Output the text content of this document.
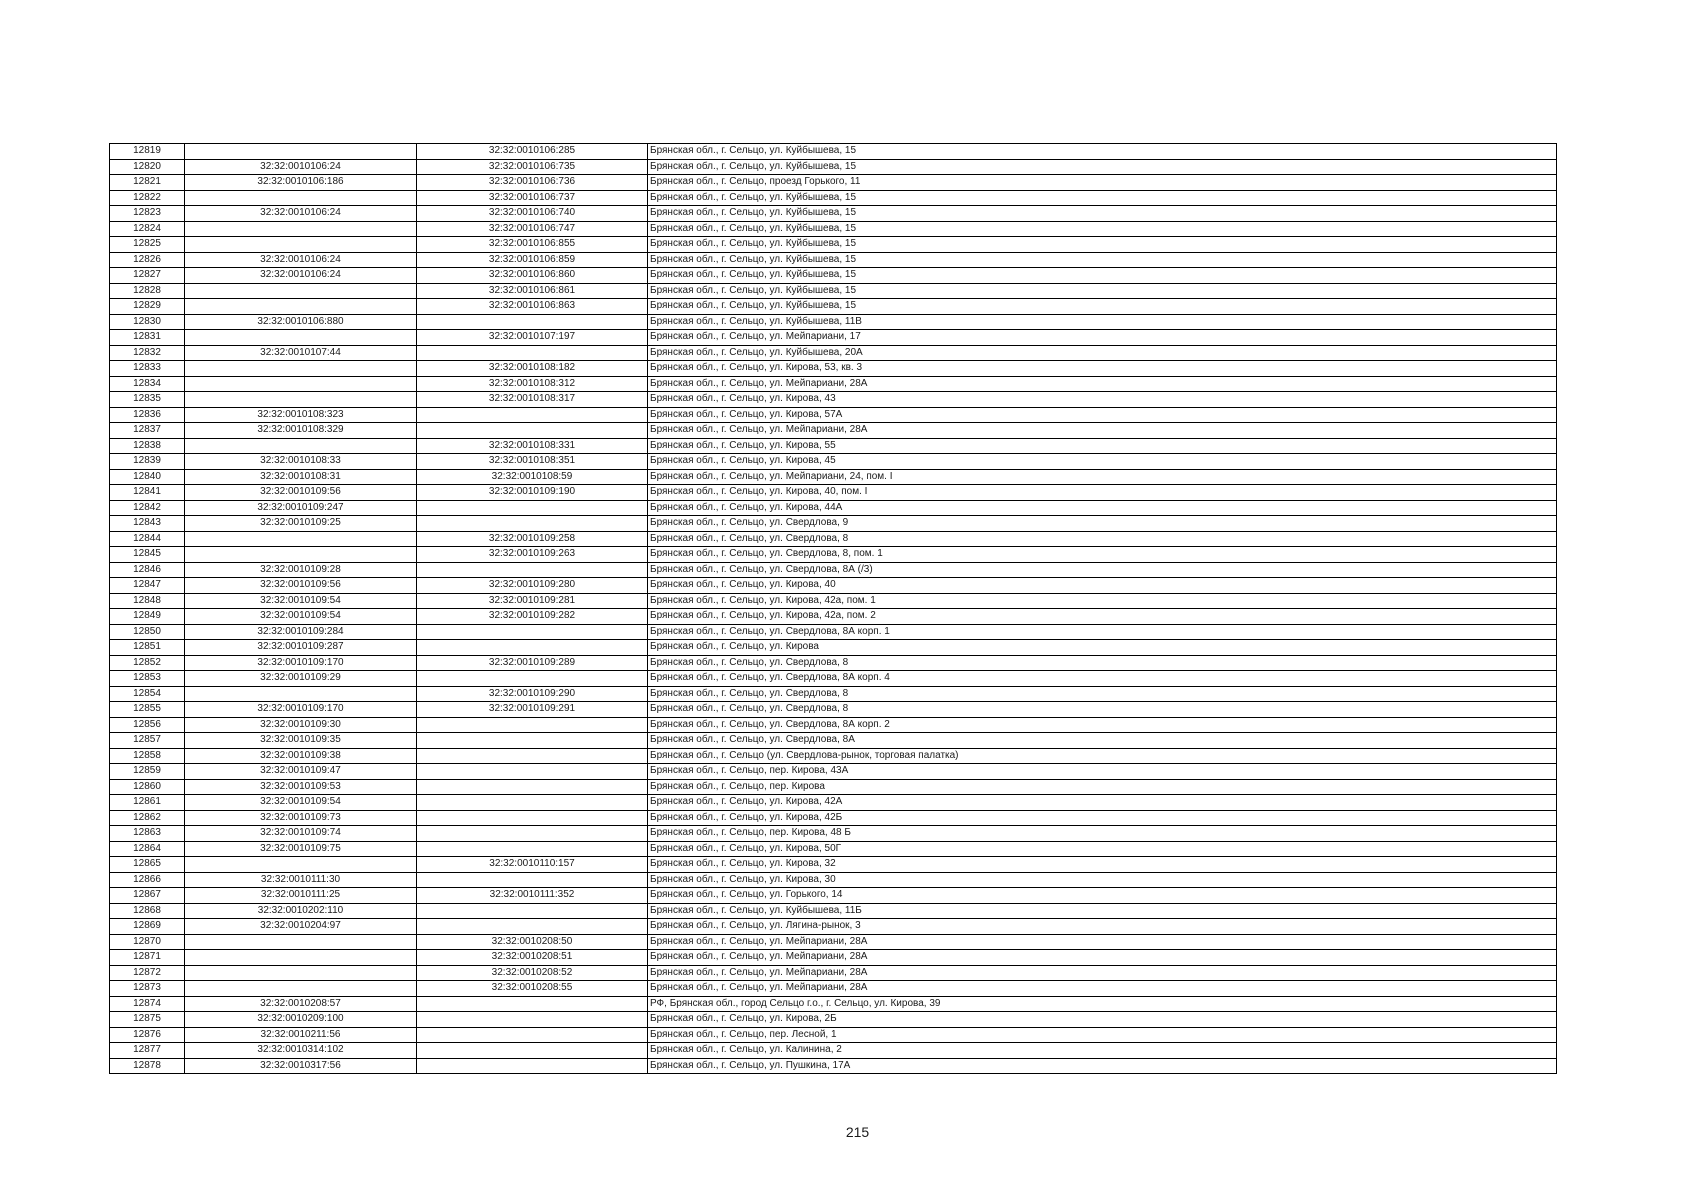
12819		32:32:0010106:285	Брянская обл., г. Сельцо, ул. Куйбышева, 15
12820	32:32:0010106:24	32:32:0010106:735	Брянская обл., г. Сельцо, ул. Куйбышева, 15
12821	32:32:0010106:186	32:32:0010106:736	Брянская обл., г. Сельцо, проезд Горького, 11
12822		32:32:0010106:737	Брянская обл., г. Сельцо, ул. Куйбышева, 15
12823	32:32:0010106:24	32:32:0010106:740	Брянская обл., г. Сельцо, ул. Куйбышева, 15
12824		32:32:0010106:747	Брянская обл., г. Сельцо, ул. Куйбышева, 15
12825		32:32:0010106:855	Брянская обл., г. Сельцо, ул. Куйбышева, 15
12826	32:32:0010106:24	32:32:0010106:859	Брянская обл., г. Сельцо, ул. Куйбышева, 15
12827	32:32:0010106:24	32:32:0010106:860	Брянская обл., г. Сельцо, ул. Куйбышева, 15
12828		32:32:0010106:861	Брянская обл., г. Сельцо, ул. Куйбышева, 15
12829		32:32:0010106:863	Брянская обл., г. Сельцо, ул. Куйбышева, 15
12830	32:32:0010106:880		Брянская обл., г. Сельцо, ул. Куйбышева, 11В
12831		32:32:0010107:197	Брянская обл., г. Сельцо, ул. Мейпариани, 17
12832	32:32:0010107:44		Брянская обл., г. Сельцо, ул. Куйбышева, 20А
12833		32:32:0010108:182	Брянская обл., г. Сельцо, ул. Кирова, 53, кв. 3
12834		32:32:0010108:312	Брянская обл., г. Сельцо, ул. Мейпариани, 28А
12835		32:32:0010108:317	Брянская обл., г. Сельцо, ул. Кирова, 43
12836	32:32:0010108:323		Брянская обл., г. Сельцо, ул. Кирова, 57А
12837	32:32:0010108:329		Брянская обл., г. Сельцо, ул. Мейпариани, 28А
12838		32:32:0010108:331	Брянская обл., г. Сельцо, ул. Кирова, 55
12839	32:32:0010108:33	32:32:0010108:351	Брянская обл., г. Сельцо, ул. Кирова, 45
12840	32:32:0010108:31	32:32:0010108:59	Брянская обл., г. Сельцо, ул. Мейпариани, 24, пом. I
12841	32:32:0010109:56	32:32:0010109:190	Брянская обл., г. Сельцо, ул. Кирова, 40, пом. I
12842	32:32:0010109:247		Брянская обл., г. Сельцо, ул. Кирова, 44А
12843	32:32:0010109:25		Брянская обл., г. Сельцо, ул. Свердлова, 9
12844		32:32:0010109:258	Брянская обл., г. Сельцо, ул. Свердлова, 8
12845		32:32:0010109:263	Брянская обл., г. Сельцо, ул. Свердлова, 8, пом. 1
12846	32:32:0010109:28		Брянская обл., г. Сельцо, ул. Свердлова, 8А (/3)
12847	32:32:0010109:56	32:32:0010109:280	Брянская обл., г. Сельцо, ул. Кирова, 40
12848	32:32:0010109:54	32:32:0010109:281	Брянская обл., г. Сельцо, ул. Кирова, 42а, пом. 1
12849	32:32:0010109:54	32:32:0010109:282	Брянская обл., г. Сельцо, ул. Кирова, 42а, пом. 2
12850	32:32:0010109:284		Брянская обл., г. Сельцо, ул. Свердлова, 8А корп. 1
12851	32:32:0010109:287		Брянская обл., г. Сельцо, ул. Кирова
12852	32:32:0010109:170	32:32:0010109:289	Брянская обл., г. Сельцо, ул. Свердлова, 8
12853	32:32:0010109:29		Брянская обл., г. Сельцо, ул. Свердлова, 8А корп. 4
12854		32:32:0010109:290	Брянская обл., г. Сельцо, ул. Свердлова, 8
12855	32:32:0010109:170	32:32:0010109:291	Брянская обл., г. Сельцо, ул. Свердлова, 8
12856	32:32:0010109:30		Брянская обл., г. Сельцо, ул. Свердлова, 8А корп. 2
12857	32:32:0010109:35		Брянская обл., г. Сельцо, ул. Свердлова, 8А
12858	32:32:0010109:38		Брянская обл., г. Сельцо (ул. Свердлова-рынок, торговая палатка)
12859	32:32:0010109:47		Брянская обл., г. Сельцо, пер. Кирова, 43А
12860	32:32:0010109:53		Брянская обл., г. Сельцо, пер. Кирова
12861	32:32:0010109:54		Брянская обл., г. Сельцо, ул. Кирова, 42А
12862	32:32:0010109:73		Брянская обл., г. Сельцо, ул. Кирова, 42Б
12863	32:32:0010109:74		Брянская обл., г. Сельцо, пер. Кирова, 48 Б
12864	32:32:0010109:75		Брянская обл., г. Сельцо, ул. Кирова, 50Г
12865		32:32:0010110:157	Брянская обл., г. Сельцо, ул. Кирова, 32
12866	32:32:0010111:30		Брянская обл., г. Сельцо, ул. Кирова, 30
12867	32:32:0010111:25	32:32:0010111:352	Брянская обл., г. Сельцо, ул. Горького, 14
12868	32:32:0010202:110		Брянская обл., г. Сельцо, ул. Куйбышева, 11Б
12869	32:32:0010204:97		Брянская обл., г. Сельцо, ул. Лягина-рынок, 3
12870		32:32:0010208:50	Брянская обл., г. Сельцо, ул. Мейпариани, 28А
12871		32:32:0010208:51	Брянская обл., г. Сельцо, ул. Мейпариани, 28А
12872		32:32:0010208:52	Брянская обл., г. Сельцо, ул. Мейпариани, 28А
12873		32:32:0010208:55	Брянская обл., г. Сельцо, ул. Мейпариани, 28А
12874	32:32:0010208:57		РФ, Брянская обл., город Сельцо г.о., г. Сельцо, ул. Кирова, 39
12875	32:32:0010209:100		Брянская обл., г. Сельцо, ул. Кирова, 2Б
12876	32:32:0010211:56		Брянская обл., г. Сельцо, пер. Лесной, 1
12877	32:32:0010314:102		Брянская обл., г. Сельцо, ул. Калинина, 2
12878	32:32:0010317:56		Брянская обл., г. Сельцо, ул. Пушкина, 17А
215
